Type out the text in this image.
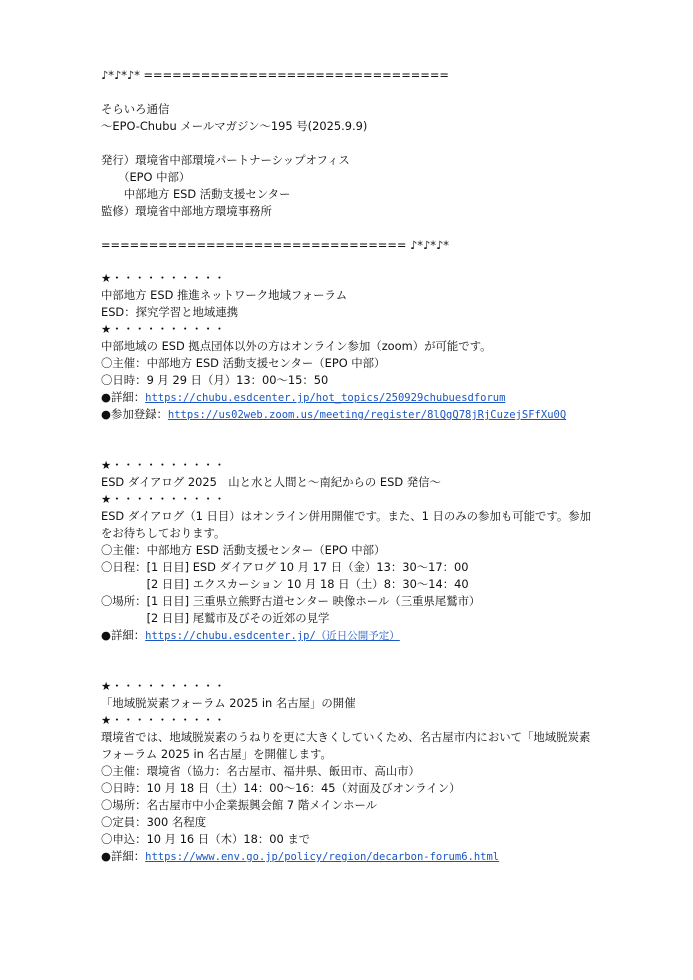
♪*♪*♪* ================================
そらいろ通信
～EPO-Chubu メールマガジン～195 号(2025.9.9)
発行）環境省中部環境パートナーシップオフィス
　　（EPO 中部）
　　中部地方 ESD 活動支援センター
監修）環境省中部地方環境事務所
================================ ♪*♪*♪*
★・・・・・・・・・・
中部地方 ESD 推進ネットワーク地域フォーラム
ESD：探究学習と地域連携
★・・・・・・・・・・
中部地域の ESD 拠点団体以外の方はオンライン参加（zoom）が可能です。
〇主催：中部地方 ESD 活動支援センター（EPO 中部）
〇日時：9 月 29 日（月）13：00～15：50
●詳細：https://chubu.esdcenter.jp/hot_topics/250929chubuesdforum
●参加登録：https://us02web.zoom.us/meeting/register/8lQgQ78jRjCuzejSFfXu0Q
★・・・・・・・・・・
ESD ダイアログ 2025　山と水と人間と～南紀からの ESD 発信～
★・・・・・・・・・・
ESD ダイアログ（1 日目）はオンライン併用開催です。また、1 日のみの参加も可能です。参加
をお待ちしております。
〇主催：中部地方 ESD 活動支援センター（EPO 中部）
〇日程：[1 日目] ESD ダイアログ 10 月 17 日（金）13：30～17：00
　　　　[2 日目] エクスカーション 10 月 18 日（土）8：30～14：40
〇場所：[1 日目] 三重県立熊野古道センター 映像ホール（三重県尾鷲市）
　　　　[2 日目] 尾鷲市及びその近郊の見学
●詳細：https://chubu.esdcenter.jp/（近日公開予定）
★・・・・・・・・・・
「地域脱炭素フォーラム 2025 in 名古屋」の開催
★・・・・・・・・・・
環境省では、地域脱炭素のうねりを更に大きくしていくため、名古屋市内において「地域脱炭素
フォーラム 2025 in 名古屋」を開催します。
〇主催：環境省（協力：名古屋市、福井県、飯田市、高山市）
〇日時：10 月 18 日（土）14：00～16：45（対面及びオンライン）
〇場所：名古屋市中小企業振興会館 7 階メインホール
〇定員：300 名程度
〇申込：10 月 16 日（木）18：00 まで
●詳細：https://www.env.go.jp/policy/region/decarbon-forum6.html
